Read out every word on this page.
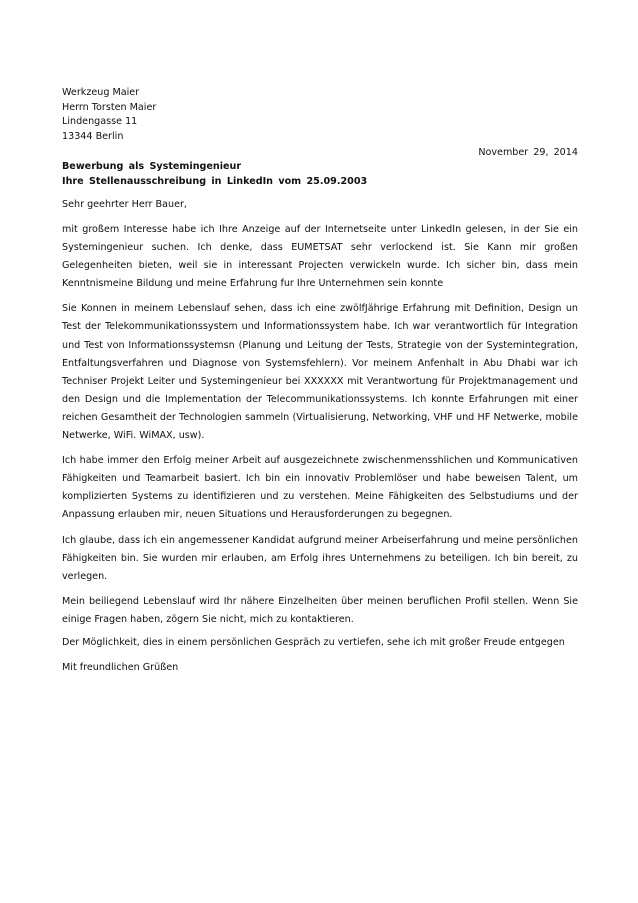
Werkzeug Maier
Herrn Torsten Maier
Lindengasse 11
13344 Berlin
November 29, 2014
Bewerbung als Systemingenieur
Ihre Stellenausschreibung in LinkedIn vom 25.09.2003
Sehr geehrter Herr Bauer,

mit großem Interesse habe ich Ihre Anzeige auf der Internetseite unter LinkedIn gelesen, in der Sie ein Systemingenieur suchen. Ich denke, dass EUMETSAT sehr verlockend ist. Sie Kann mir großen Gelegenheiten bieten, weil sie in interessant Projecten verwickeln wurde. Ich sicher bin, dass mein Kenntnismeine Bildung und meine Erfahrung fur Ihre Unternehmen sein konnte

Sie Konnen in meinem Lebenslauf sehen, dass ich eine zwölfJährige Erfahrung mit Definition, Design un Test der Telekommunikationssystem und Informationssystem habe. Ich war verantwortlich für Integration und Test von Informationssystemsn (Planung und Leitung der Tests, Strategie von der Systemintegration, Entfaltungsverfahren und Diagnose von Systemsfehlern). Vor meinem Anfenhalt in Abu Dhabi war ich Techniser Projekt Leiter und Systemingenieur bei XXXXXX mit Verantwortung für Projektmanagement und den Design und die Implementation der Telecommunikationssystems. Ich konnte Erfahrungen mit einer reichen Gesamtheit der Technologien sammeln (Virtualisierung, Networking, VHF und HF Netwerke, mobile Netwerke, WiFi. WiMAX, usw).

Ich habe immer den Erfolg meiner Arbeit auf ausgezeichnete zwischenmensshlichen und Kommunicativen Fähigkeiten und Teamarbeit basiert. Ich bin ein innovativ Problemlöser und habe beweisen Talent, um komplizierten Systems zu identifizieren und zu verstehen. Meine Fähigkeiten des Selbstudiums und der Anpassung erlauben mir, neuen Situations und Herausforderungen zu begegnen.

Ich glaube, dass ich ein angemessener Kandidat aufgrund meiner Arbeiserfahrung und meine persönlichen Fähigkeiten bin. Sie wurden mir erlauben, am Erfolg ihres Unternehmens zu beteiligen. Ich bin bereit, zu verlegen.

Mein beiliegend Lebenslauf wird Ihr nähere Einzelheiten über meinen beruflichen Profil stellen. Wenn Sie einige Fragen haben, zögern Sie nicht, mich zu kontaktieren.

Der Möglichkeit, dies in einem persönlichen Gespräch zu vertiefen, sehe ich mit großer Freude entgegen
Mit freundlichen Grüßen
